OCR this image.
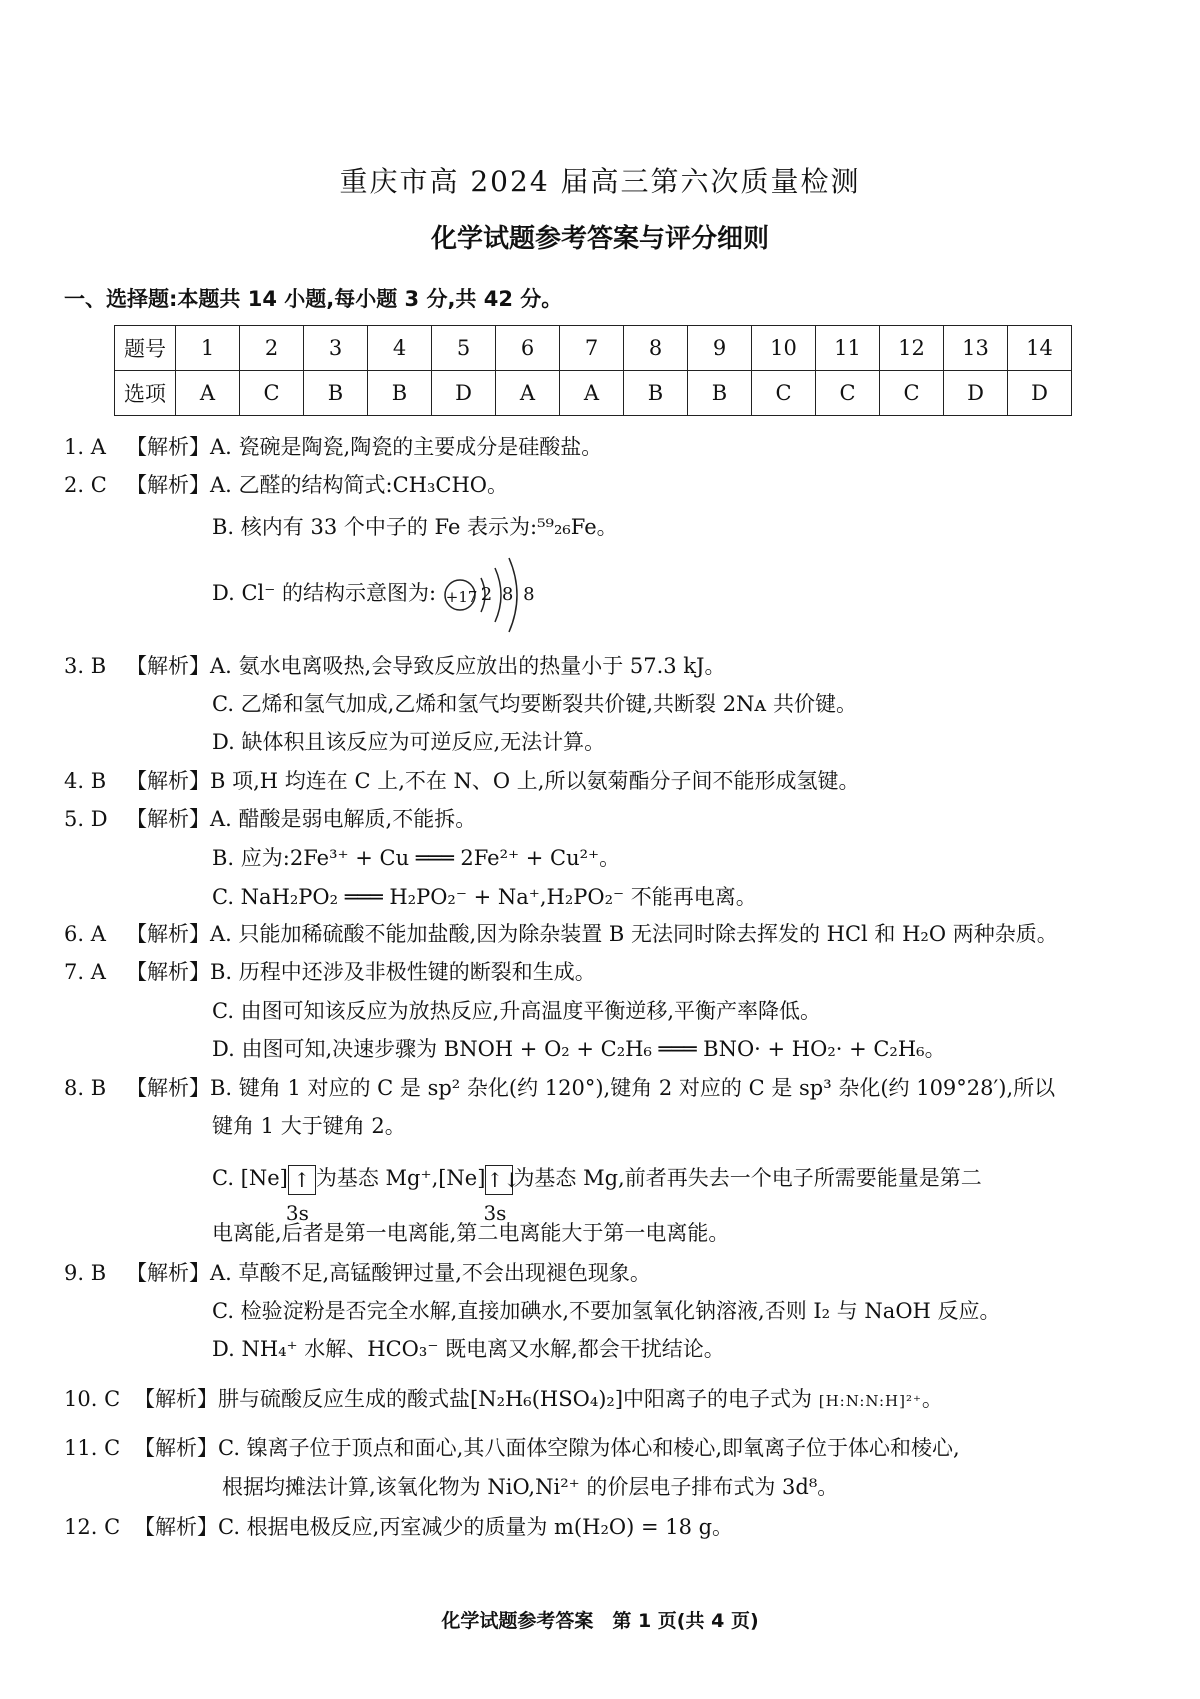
重庆市高 2024 届高三第六次质量检测
化学试题参考答案与评分细则
一、选择题:本题共 14 小题,每小题 3 分,共 42 分。
题号	1	2	3	4	5	6	7	8	9	10	11	12	13	14
选项	A	C	B	B	D	A	A	B	B	C	C	C	D	D
1. A 【解析】A. 瓷碗是陶瓷,陶瓷的主要成分是硅酸盐。
2. C 【解析】A. 乙醛的结构简式:CH₃CHO。
B. 核内有 33 个中子的 Fe 表示为:⁵⁹₂₆Fe。
D. Cl⁻ 的结构示意图为: +17 2 8 8
3. B 【解析】A. 氨水电离吸热,会导致反应放出的热量小于 57.3 kJ。
C. 乙烯和氢气加成,乙烯和氢气均要断裂共价键,共断裂 2Nᴀ 共价键。
D. 缺体积且该反应为可逆反应,无法计算。
4. B 【解析】B 项,H 均连在 C 上,不在 N、O 上,所以氨菊酯分子间不能形成氢键。
5. D 【解析】A. 醋酸是弱电解质,不能拆。
B. 应为:2Fe³⁺ + Cu ═══ 2Fe²⁺ + Cu²⁺。
C. NaH₂PO₂ ═══ H₂PO₂⁻ + Na⁺,H₂PO₂⁻ 不能再电离。
6. A 【解析】A. 只能加稀硫酸不能加盐酸,因为除杂装置 B 无法同时除去挥发的 HCl 和 H₂O 两种杂质。
7. A 【解析】B. 历程中还涉及非极性键的断裂和生成。
C. 由图可知该反应为放热反应,升高温度平衡逆移,平衡产率降低。
D. 由图可知,决速步骤为 BNOH + O₂ + C₂H₆ ═══ BNO· + HO₂· + C₂H₆。
8. B 【解析】B. 键角 1 对应的 C 是 sp² 杂化(约 120°),键角 2 对应的 C 是 sp³ 杂化(约 109°28′),所以
键角 1 大于键角 2。
C. [Ne] ↑
3s
为基态 Mg⁺,[Ne]↑↓
3s
为基态 Mg,前者再失去一个电子所需要能量是第二
电离能,后者是第一电离能,第二电离能大于第一电离能。
9. B 【解析】A. 草酸不足,高锰酸钾过量,不会出现褪色现象。
C. 检验淀粉是否完全水解,直接加碘水,不要加氢氧化钠溶液,否则 I₂ 与 NaOH 反应。
D. NH₄⁺ 水解、HCO₃⁻ 既电离又水解,都会干扰结论。
10. C 【解析】肼与硫酸反应生成的酸式盐[N₂H₆(HSO₄)₂]中阳离子的电子式为 [H:N:N:H]²⁺。
11. C 【解析】C. 镍离子位于顶点和面心,其八面体空隙为体心和棱心,即氧离子位于体心和棱心,
根据均摊法计算,该氧化物为 NiO,Ni²⁺ 的价层电子排布式为 3d⁸。
12. C 【解析】C. 根据电极反应,丙室减少的质量为 m(H₂O) = 18 g。
化学试题参考答案　第 1 页(共 4 页)
